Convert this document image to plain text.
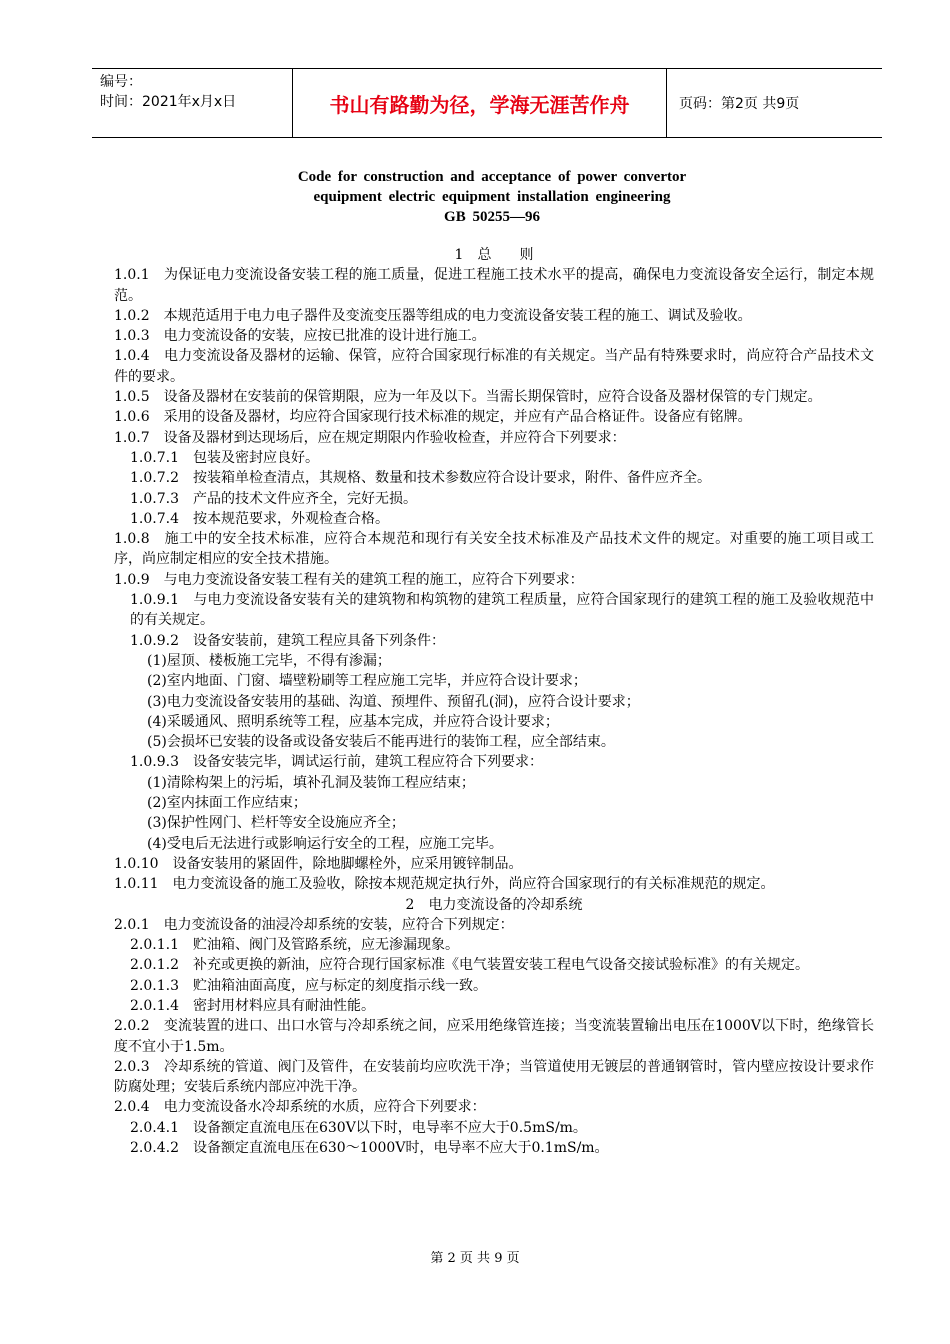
编号：
时间：2021年x月x日	书山有路勤为径，学海无涯苦作舟	页码：第2页 共9页
Code for construction and acceptance of power convertor
equipment electric equipment installation engineering
GB 50255—96

1　总　　则

1.0.1　为保证电力变流设备安装工程的施工质量，促进工程施工技术水平的提高，确保电力变流设备安全运行，制定本规范。

1.0.2　本规范适用于电力电子器件及变流变压器等组成的电力变流设备安装工程的施工、调试及验收。

1.0.3　电力变流设备的安装，应按已批准的设计进行施工。

1.0.4　电力变流设备及器材的运输、保管，应符合国家现行标准的有关规定。当产品有特殊要求时，尚应符合产品技术文件的要求。

1.0.5　设备及器材在安装前的保管期限，应为一年及以下。当需长期保管时，应符合设备及器材保管的专门规定。

1.0.6　采用的设备及器材，均应符合国家现行技术标准的规定，并应有产品合格证件。设备应有铭牌。

1.0.7　设备及器材到达现场后，应在规定期限内作验收检查，并应符合下列要求：

1.0.7.1　包装及密封应良好。

1.0.7.2　按装箱单检查清点，其规格、数量和技术参数应符合设计要求，附件、备件应齐全。

1.0.7.3　产品的技术文件应齐全，完好无损。

1.0.7.4　按本规范要求，外观检查合格。

1.0.8　施工中的安全技术标准，应符合本规范和现行有关安全技术标准及产品技术文件的规定。对重要的施工项目或工序，尚应制定相应的安全技术措施。

1.0.9　与电力变流设备安装工程有关的建筑工程的施工，应符合下列要求：

1.0.9.1　与电力变流设备安装有关的建筑物和构筑物的建筑工程质量，应符合国家现行的建筑工程的施工及验收规范中的有关规定。

1.0.9.2　设备安装前，建筑工程应具备下列条件：

(1)屋顶、楼板施工完毕，不得有渗漏；

(2)室内地面、门窗、墙壁粉刷等工程应施工完毕，并应符合设计要求；

(3)电力变流设备安装用的基础、沟道、预埋件、预留孔(洞)，应符合设计要求；

(4)采暖通风、照明系统等工程，应基本完成，并应符合设计要求；

(5)会损坏已安装的设备或设备安装后不能再进行的装饰工程，应全部结束。

1.0.9.3　设备安装完毕，调试运行前，建筑工程应符合下列要求：

(1)清除构架上的污垢，填补孔洞及装饰工程应结束；

(2)室内抹面工作应结束；

(3)保护性网门、栏杆等安全设施应齐全；

(4)受电后无法进行或影响运行安全的工程，应施工完毕。

1.0.10　设备安装用的紧固件，除地脚螺栓外，应采用镀锌制品。

1.0.11　电力变流设备的施工及验收，除按本规范规定执行外，尚应符合国家现行的有关标准规范的规定。

2　电力变流设备的冷却系统

2.0.1　电力变流设备的油浸冷却系统的安装，应符合下列规定：

2.0.1.1　贮油箱、阀门及管路系统，应无渗漏现象。

2.0.1.2　补充或更换的新油，应符合现行国家标准《电气装置安装工程电气设备交接试验标准》的有关规定。

2.0.1.3　贮油箱油面高度，应与标定的刻度指示线一致。

2.0.1.4　密封用材料应具有耐油性能。

2.0.2　变流装置的进口、出口水管与冷却系统之间，应采用绝缘管连接；当变流装置输出电压在1000V以下时，绝缘管长度不宜小于1.5m。

2.0.3　冷却系统的管道、阀门及管件，在安装前均应吹洗干净；当管道使用无镀层的普通钢管时，管内壁应按设计要求作防腐处理；安装后系统内部应冲洗干净。

2.0.4　电力变流设备水冷却系统的水质，应符合下列要求：

2.0.4.1　设备额定直流电压在630V以下时，电导率不应大于0.5mS/m。

2.0.4.2　设备额定直流电压在630～1000V时，电导率不应大于0.1mS/m。

第 2 页 共 9 页
